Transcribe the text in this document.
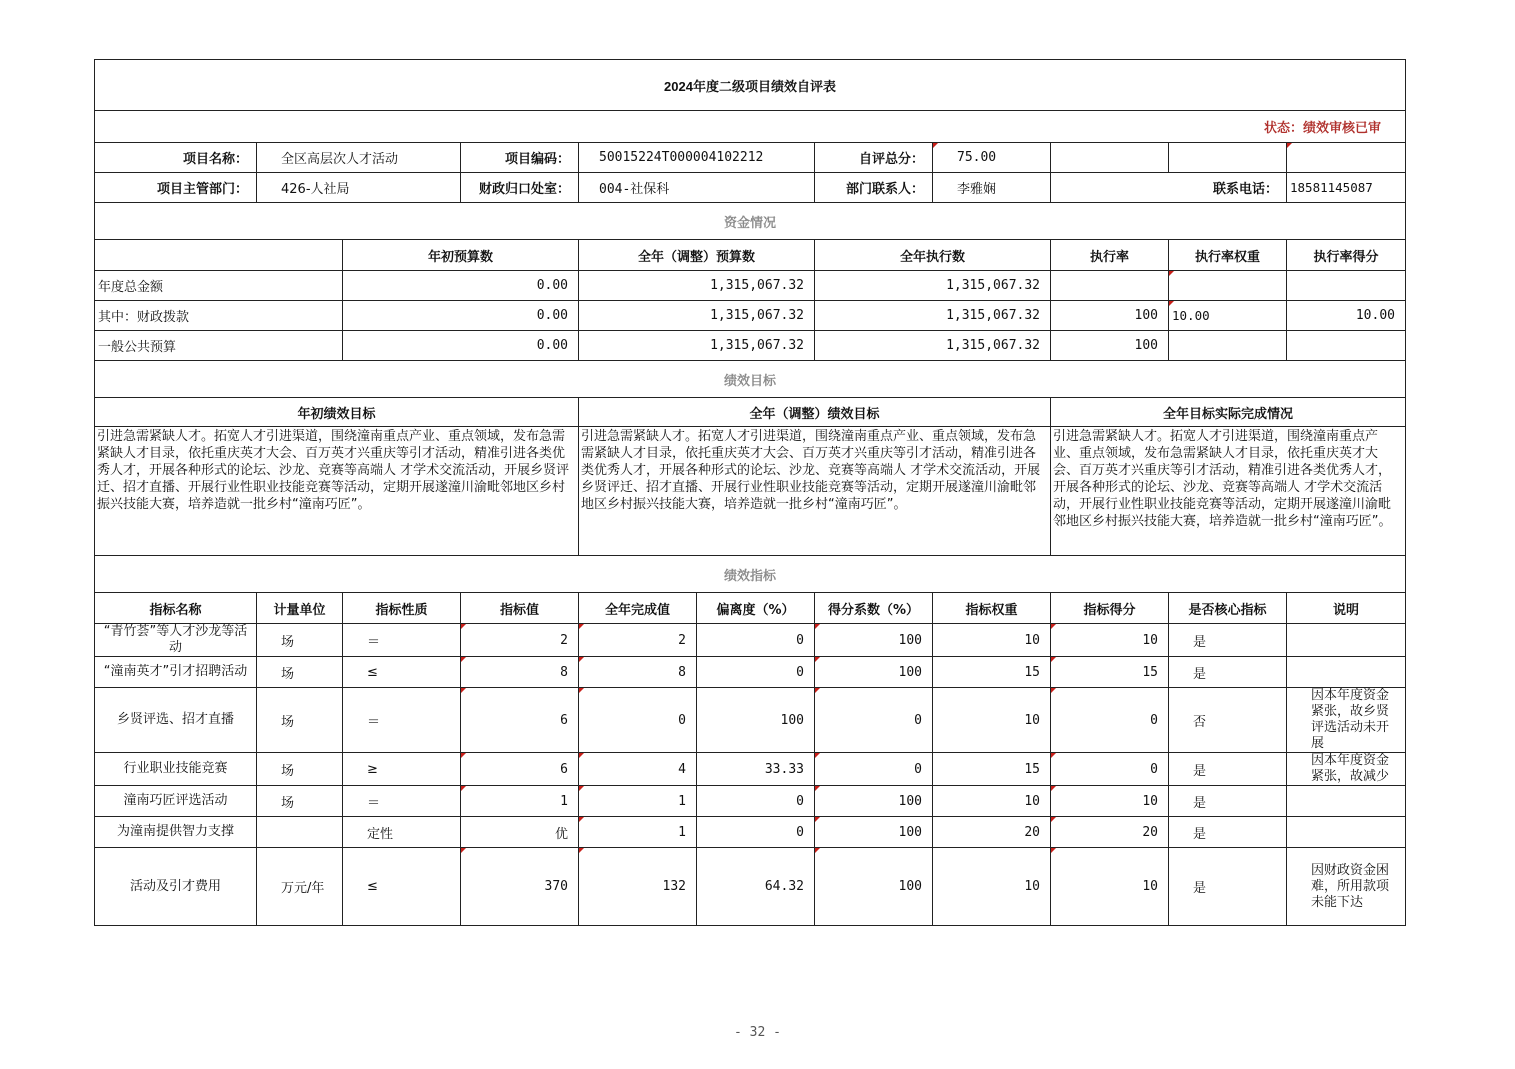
2024年度二级项目绩效自评表										
状态：绩效审核已审										
项目名称：	全区高层次人才活动		项目编码：	50015224T000004102212		自评总分：	75.00			
项目主管部门：	426-人社局		财政归口处室：	004-社保科		部门联系人：	李雅娴	联系电话：		18581145087
资金情况										
		年初预算数		全年（调整）预算数		全年执行数		执行率	执行率权重	执行率得分
年度总金额		0.00		1,315,067.32		1,315,067.32				
其中：财政拨款		0.00		1,315,067.32		1,315,067.32		100	10.00	10.00
一般公共预算		0.00		1,315,067.32		1,315,067.32		100		
绩效目标										
年初绩效目标				全年（调整）绩效目标				全年目标实际完成情况		
引进急需紧缺人才。拓宽人才引进渠道，围绕潼南重点产业、重点领域，发布急需紧缺人才目录，依托重庆英才大会、百万英才兴重庆等引才活动，精准引进各类优秀人才，开展各种形式的论坛、沙龙、竞赛等高端人 才学术交流活动，开展乡贤评迁、招才直播、开展行业性职业技能竞赛等活动，定期开展遂潼川渝毗邻地区乡村振兴技能大赛，培养造就一批乡村“潼南巧匠”。				引进急需紧缺人才。拓宽人才引进渠道，围绕潼南重点产业、重点领域，发布急需紧缺人才目录，依托重庆英才大会、百万英才兴重庆等引才活动，精准引进各类优秀人才，开展各种形式的论坛、沙龙、竞赛等高端人 才学术交流活动，开展乡贤评迁、招才直播、开展行业性职业技能竞赛等活动，定期开展遂潼川渝毗邻地区乡村振兴技能大赛，培养造就一批乡村“潼南巧匠”。				引进急需紧缺人才。拓宽人才引进渠道，围绕潼南重点产业、重点领域，发布急需紧缺人才目录，依托重庆英才大会、百万英才兴重庆等引才活动，精准引进各类优秀人才，开展各种形式的论坛、沙龙、竞赛等高端人 才学术交流活动，开展行业性职业技能竞赛等活动，定期开展遂潼川渝毗邻地区乡村振兴技能大赛，培养造就一批乡村“潼南巧匠”。		
绩效指标										
指标名称	计量单位	指标性质	指标值	全年完成值	偏离度（%）	得分系数（%）	指标权重	指标得分	是否核心指标	说明
“青竹荟”等人才沙龙等活动	场	＝	2	2	0	100	10	10	是	
“潼南英才”引才招聘活动	场	≤	8	8	0	100	15	15	是	
乡贤评选、招才直播	场	＝	6	0	100	0	10	0	否	因本年度资金紧张，故乡贤评选活动未开展
行业职业技能竞赛	场	≥	6	4	33.33	0	15	0	是	因本年度资金紧张，故减少
潼南巧匠评选活动	场	＝	1	1	0	100	10	10	是	
为潼南提供智力支撑		定性	优	1	0	100	20	20	是	
活动及引才费用	万元/年	≤	370	132	64.32	100	10	10	是	因财政资金困难，所用款项未能下达
- 32 -
